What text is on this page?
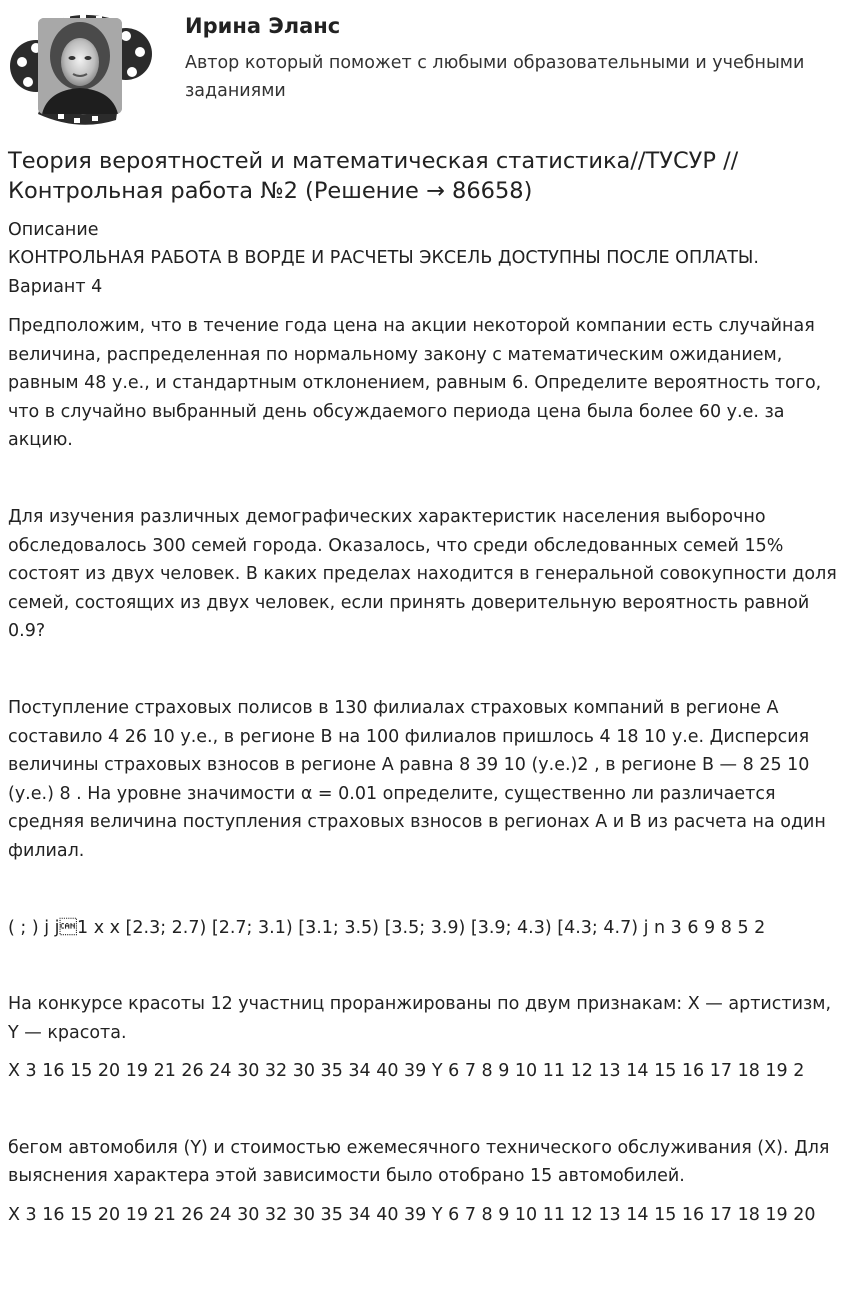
Ирина Эланс

Автор который поможет с любыми образовательными и учебными заданиями

Теория вероятностей и математическая статистика//ТУСУР //Контрольная работа №2 (Решение → 86658)

Описание

КОНТРОЛЬНАЯ РАБОТА В ВОРДЕ И РАСЧЕТЫ ЭКСЕЛЬ ДОСТУПНЫ ПОСЛЕ ОПЛАТЫ.

Вариант 4

Предположим, что в течение года цена на акции некоторой компании есть случайная величина, распределенная по нормальному закону с математическим ожиданием, равным 48 у.е., и стандартным отклонением, равным 6. Определите вероятность того, что в случайно выбранный день обсуждаемого периода цена была более 60 у.е. за акцию.

Для изучения различных демографических характеристик населения выборочно обследовалось 300 семей города. Оказалось, что среди обследованных семей 15% состоят из двух человек. В каких пределах находится в генеральной совокупности доля семей, состоящих из двух человек, если принять доверительную вероятность равной 0.9?

Поступление страховых полисов в 130 филиалах страховых компаний в регионе А составило 4 26 10 у.е., в регионе В на 100 филиалов пришлось 4 18 10 у.е. Дисперсия величины страховых взносов в регионе А равна 8 39 10 (у.е.)2 , в регионе В — 8 25 10 (у.е.) 8 . На уровне значимости α = 0.01 определите, существенно ли различается средняя величина поступления страховых взносов в регионах А и В из расчета на один филиал.

( ; ) j j1 x x [2.3; 2.7) [2.7; 3.1) [3.1; 3.5) [3.5; 3.9) [3.9; 4.3) [4.3; 4.7) j n 3 6 9 8 5 2

На конкурсе красоты 12 участниц проранжированы по двум признакам: X — артистизм, Y — красота.

X 3 16 15 20 19 21 26 24 30 32 30 35 34 40 39 Y 6 7 8 9 10 11 12 13 14 15 16 17 18 19 2

бегом автомобиля (Y) и стоимостью ежемесячного технического обслуживания (X). Для выяснения характера этой зависимости было отобрано 15 автомобилей.

X 3 16 15 20 19 21 26 24 30 32 30 35 34 40 39 Y 6 7 8 9 10 11 12 13 14 15 16 17 18 19 20
